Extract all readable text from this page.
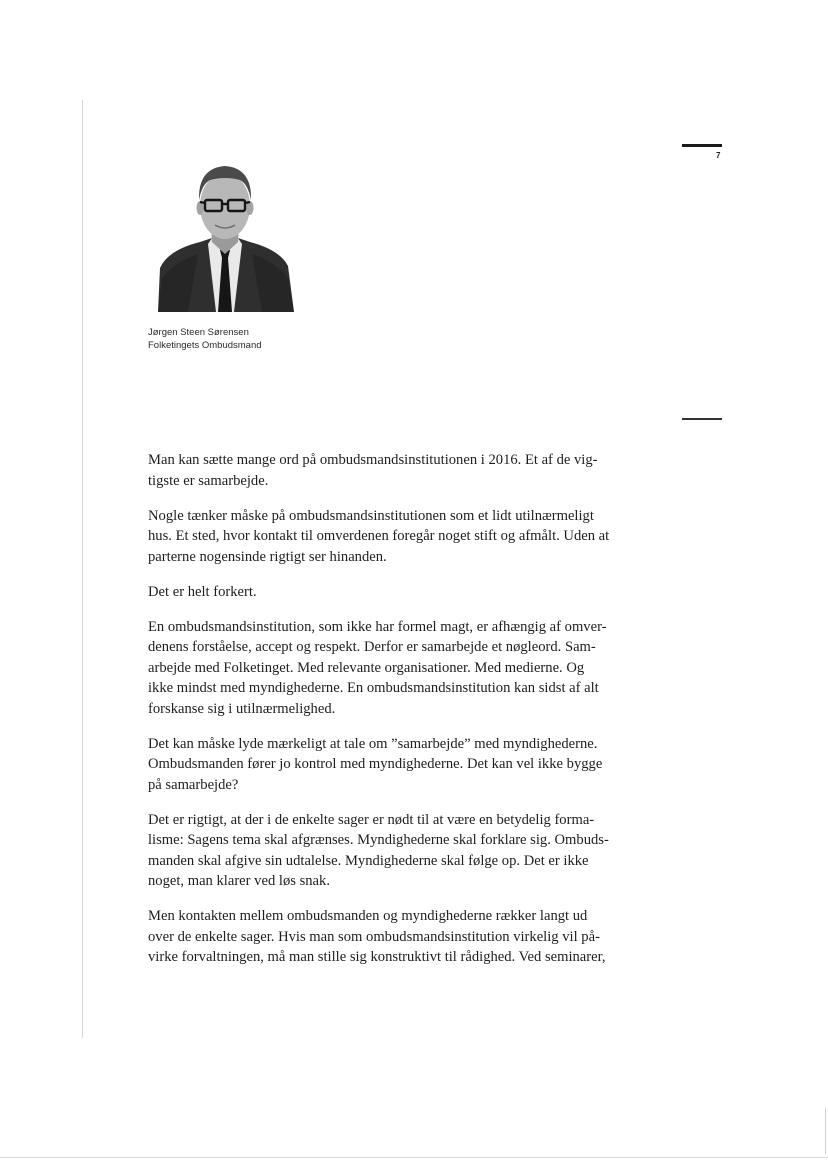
7
Jørgen Steen Sørensen
Folketingets Ombudsmand

Man kan sætte mange ord på ombudsmandsinstitutionen i 2016. Et af de vig-
tigste er samarbejde.

Nogle tænker måske på ombudsmandsinstitutionen som et lidt utilnærmeligt
hus. Et sted, hvor kontakt til omverdenen foregår noget stift og afmålt. Uden at
parterne nogensinde rigtigt ser hinanden.

Det er helt forkert.

En ombudsmandsinstitution, som ikke har formel magt, er afhængig af omver-
denens forståelse, accept og respekt. Derfor er samarbejde et nøgleord. Sam-
arbejde med Folketinget. Med relevante organisationer. Med medierne. Og
ikke mindst med myndighederne. En ombudsmandsinstitution kan sidst af alt
forskanse sig i utilnærmelighed.

Det kan måske lyde mærkeligt at tale om ”samarbejde” med myndighederne.
Ombudsmanden fører jo kontrol med myndighederne. Det kan vel ikke bygge
på samarbejde?

Det er rigtigt, at der i de enkelte sager er nødt til at være en betydelig forma-
lisme: Sagens tema skal afgrænses. Myndighederne skal forklare sig. Ombuds-
manden skal afgive sin udtalelse. Myndighederne skal følge op. Det er ikke
noget, man klarer ved løs snak.

Men kontakten mellem ombudsmanden og myndighederne rækker langt ud
over de enkelte sager. Hvis man som ombudsmandsinstitution virkelig vil på-
virke forvaltningen, må man stille sig konstruktivt til rådighed. Ved seminarer,
